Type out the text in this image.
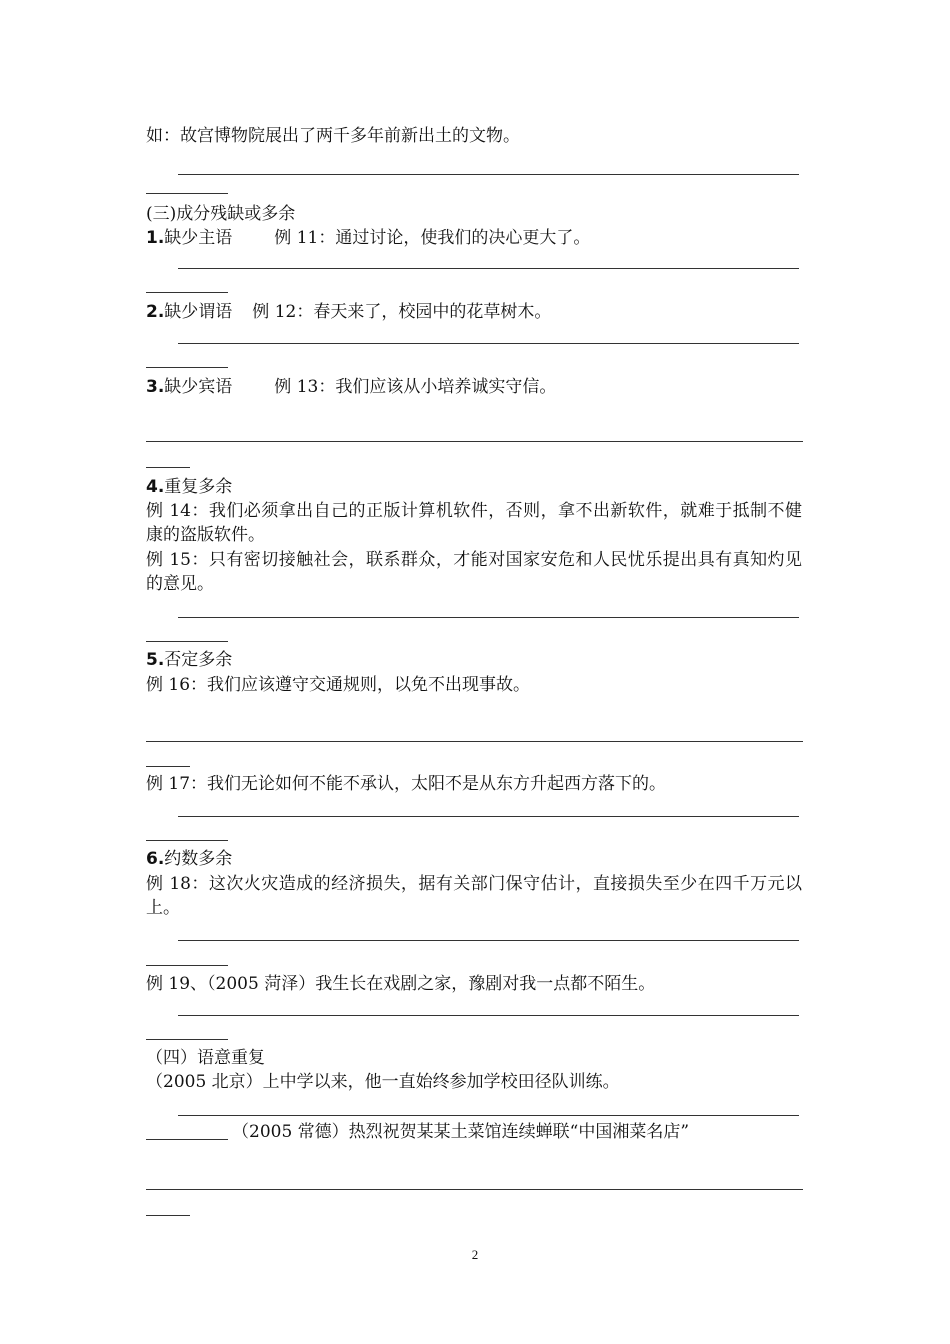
如：故宫博物院展出了两千多年前新出土的文物。
(三)成分残缺或多余
1.缺少主语 例 11：通过讨论，使我们的决心更大了。
2.缺少谓语 例 12：春天来了，校园中的花草树木。
3.缺少宾语 例 13：我们应该从小培养诚实守信。
4.重复多余
例 14：我们必须拿出自己的正版计算机软件，否则，拿不出新软件，就难于抵制不健康的盗版软件。
例 15：只有密切接触社会，联系群众，才能对国家安危和人民忧乐提出具有真知灼见的意见。
5.否定多余
例 16：我们应该遵守交通规则，以免不出现事故。
例 17：我们无论如何不能不承认，太阳不是从东方升起西方落下的。
6.约数多余
例 18：这次火灾造成的经济损失，据有关部门保守估计，直接损失至少在四千万元以上。
例 19、（2005 菏泽）我生长在戏剧之家，豫剧对我一点都不陌生。
（四）语意重复
（2005 北京）上中学以来，他一直始终参加学校田径队训练。
（2005 常德）热烈祝贺某某土菜馆连续蝉联“中国湘菜名店”
2
